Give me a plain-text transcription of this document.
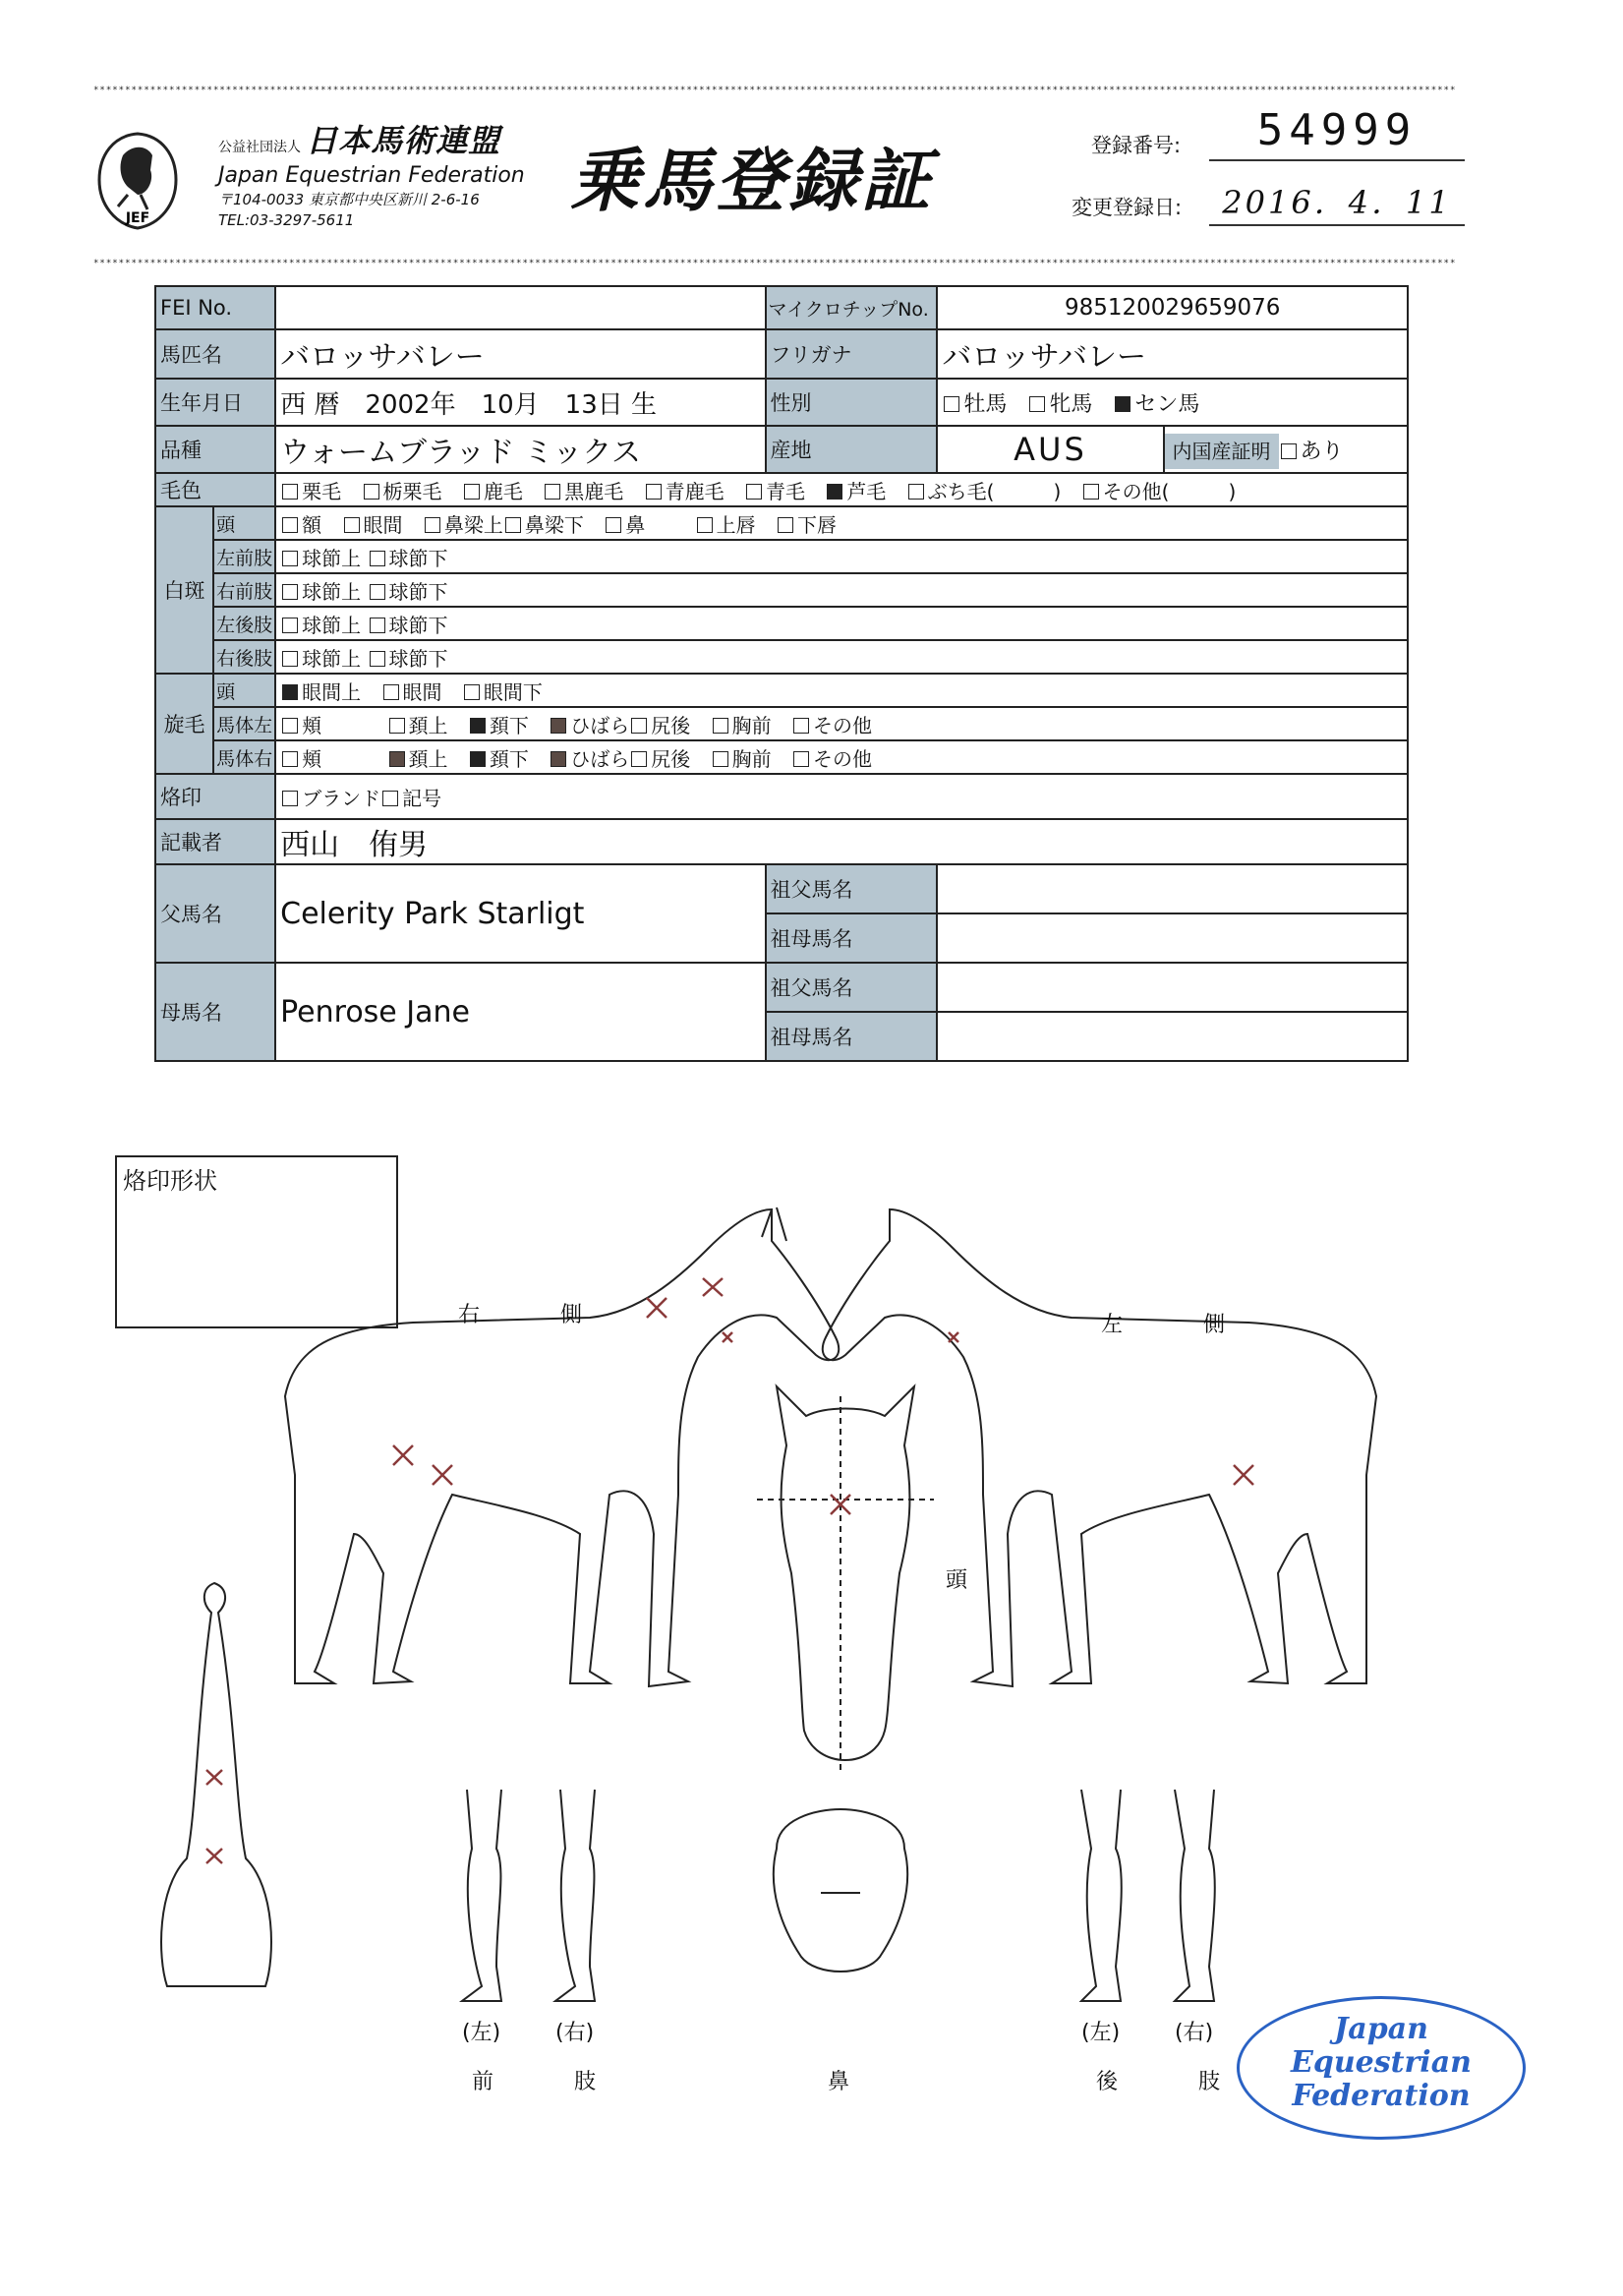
************************************************************************************************************************************************************************************************************************
************************************************************************************************************************************************************************************************************************
JEF
公益社団法人 日本馬術連盟
Japan Equestrian Federation
〒104-0033 東京都中央区新川 2-6-16
TEL:03-3297-5611	乗馬登録証	登録番号:	54999
変更登録日:	2016．4．11
FEI No.			マイクロチップNo.	985120029659076	
馬匹名		バロッサバレー	フリガナ	バロッサバレー	
生年月日		西 暦　2002年　10月　13日 生	性別	牡馬 牝馬 セン馬	
品種		ウォームブラッド ミックス	産地	AUS	内国産証明 あり
毛色		栗毛 栃栗毛 鹿毛 黒鹿毛 青鹿毛 青毛 芦毛 ぶち毛(　　　) その他(　　　)			
白斑	頭	額 眼間 鼻梁上 鼻梁下 鼻 上唇 下唇			
	左前肢	球節上 球節下			
	右前肢	球節上 球節下			
	左後肢	球節上 球節下			
	右後肢	球節上 球節下			
旋毛	頭	眼間上 眼間 眼間下			
	馬体左	頬 頚上 頚下 ひばら 尻後 胸前 その他			
	馬体右	頬 頚上 頚下 ひばら 尻後 胸前 その他			
烙印		ブランド 記号			
記載者		西山　侑男			
父馬名		Celerity Park Starligt	祖父馬名		
			祖母馬名		
母馬名		Penrose Jane	祖父馬名		
			祖母馬名		
烙印形状
右　側	左　側
頭
鼻
(左)	(右)
前　肢
(左)	(右)
後　肢
Japan
Equestrian
Federation
